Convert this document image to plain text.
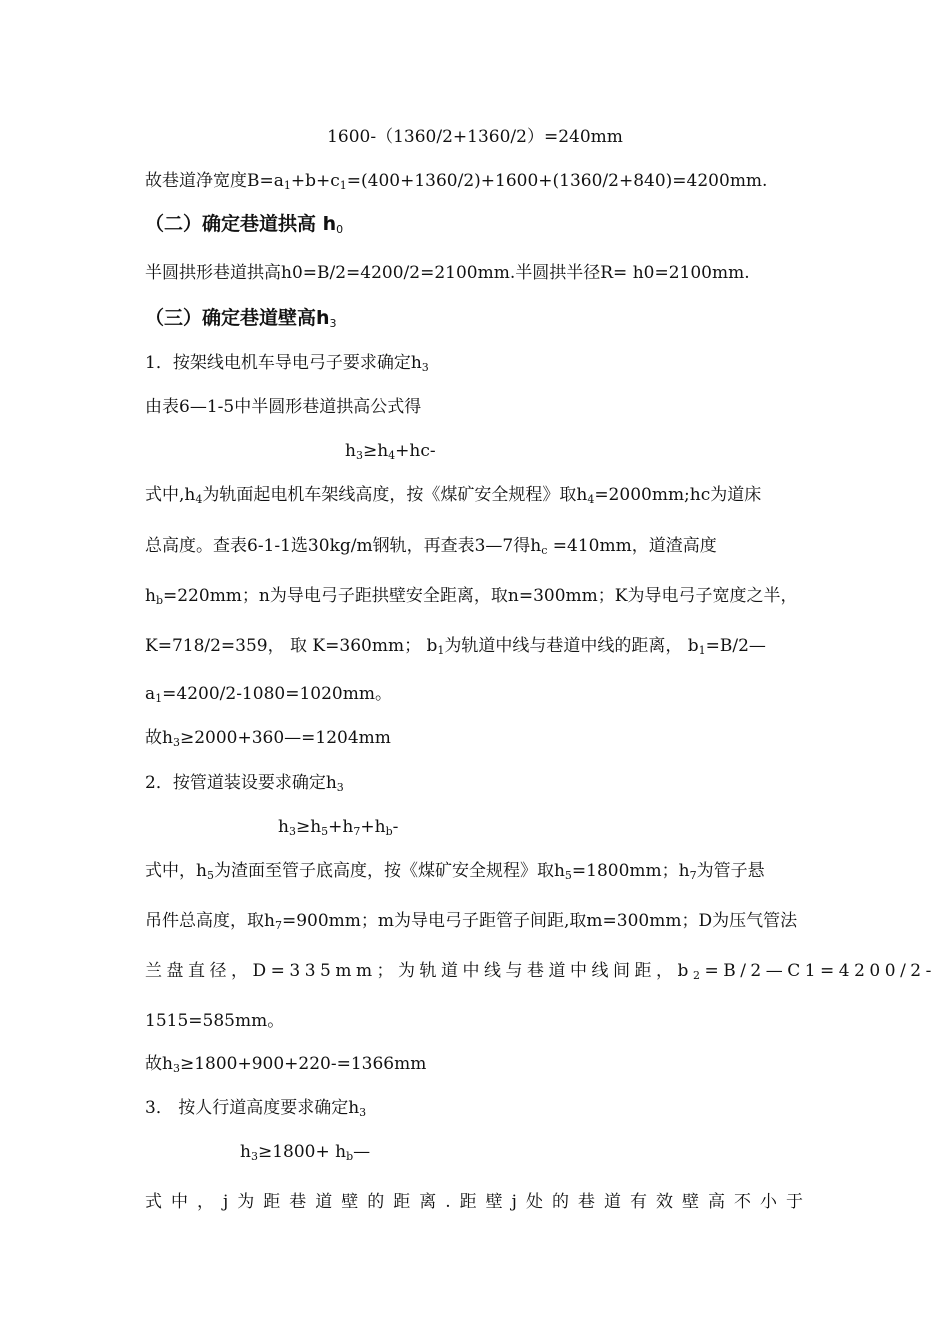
1600-（1360/2+1360/2）=240mm
故巷道净宽度$B=a_1+b+c_1=(400+1360/2)+1600+(1360/2+840)=4200mm$.
（二）确定巷道拱高 $h_0$
半圆拱形巷道拱高h0=B/2=4200/2=2100mm.半圆拱半径R= h0=2100mm.
（三）确定巷道壁高$h_3$
1．按架线电机车导电弓子要求确定$h_3$
由表6—1-5中半圆形巷道拱高公式得
$h_3\ge h_4+hc-$
式中$,h_4$为轨面起电机车架线高度，按《煤矿安全规程》取$h_4=2000mm;hc$为道床
总高度。查表6-1-1选30kg/m钢轨，再查表3—7得$h_c =410mm$，道渣高度
$h_b=220mm$；n为导电弓子距拱壁安全距离，取n=300mm；K为导电弓子宽度之半，
K=718/2=359， 取 K=360mm； $b_1$为轨道中线与巷道中线的距离， $b_1=B/2—$
$a_1=4200/2-1080=1020mm$。
故$h_3\ge 2000+360—=1204mm$
2．按管道装设要求确定$h_3$
$h_3\ge h_5+h_7+h_b-$
式中，$h_5$为渣面至管子底高度，按《煤矿安全规程》取$h_5=1800mm$；$h_7$为管子悬
吊件总高度，取$h_7=900mm$；m为导电弓子距管子间距,取m=300mm；D为压气管法
兰盘直径，D=335mm；为轨道中线与巷道中线间距，$b_2=B/2—C1=4200/2-$
1515=585mm。
故$h_3\ge 1800+900+220-=1366mm$
3． 按人行道高度要求确定$h_3$
$h_3\ge 1800+$ $h_b—$
式中，j为距巷道壁的距离.距壁j处的巷道有效壁高不小于
